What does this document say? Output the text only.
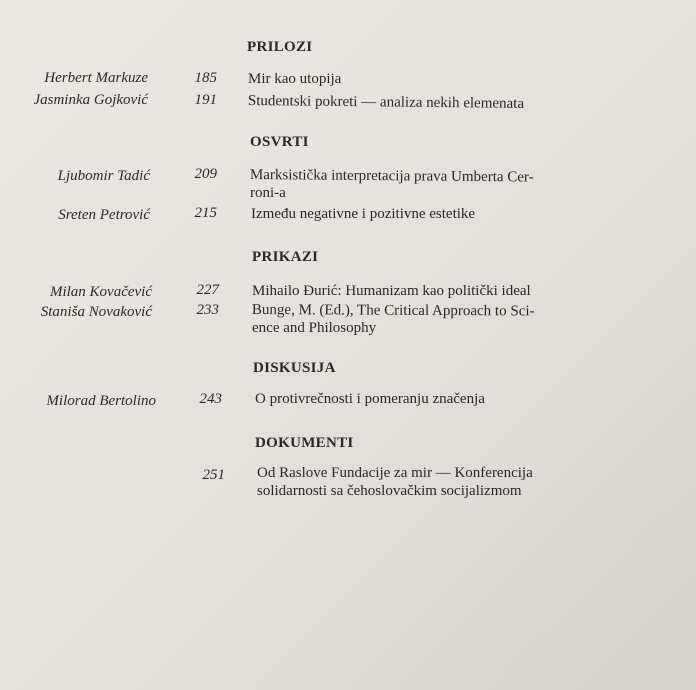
PRILOZI
Herbert Markuze	185 Mir kao utopija
Jasminka Gojković	191 Studentski pokreti — analiza nekih elemenata
OSVRTI
Ljubomir Tadić	209 Marksistička interpretacija prava Umberta Cer-
roni-a
Sreten Petrović	215 Između negativne i pozitivne estetike
PRIKAZI
Milan Kovačević	227 Mihailo Đurić: Humanizam kao politički ideal
Staniša Novaković	233 Bunge, M. (Ed.), The Critical Approach to Sci-
ence and Philosophy
DISKUSIJA
Milorad Bertolino	243 O protivrečnosti i pomeranju značenja
DOKUMENTI
251 Od Raslove Fundacije za mir — Konferencija
solidarnosti sa čehoslovačkim socijalizmom
